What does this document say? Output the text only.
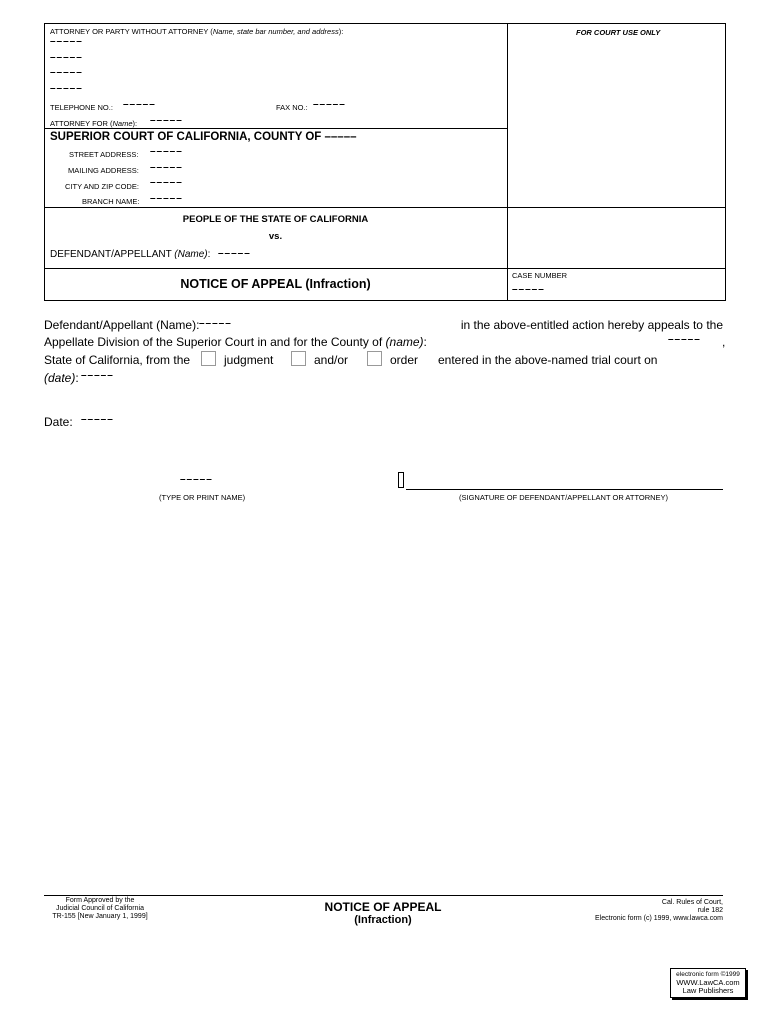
ATTORNEY OR PARTY WITHOUT ATTORNEY (Name, state bar number, and address):
–––––
–––––
–––––
–––––
TELEPHONE NO.: –––––	FAX NO.: –––––
ATTORNEY FOR (Name): –––––
FOR COURT USE ONLY
SUPERIOR COURT OF CALIFORNIA, COUNTY OF –––––
STREET ADDRESS: –––––
MAILING ADDRESS: –––––
CITY AND ZIP CODE: –––––
BRANCH NAME: –––––
PEOPLE OF THE STATE OF CALIFORNIA
vs.
DEFENDANT/APPELLANT (Name): –––––
NOTICE OF APPEAL (Infraction)
CASE NUMBER
–––––
Defendant/Appellant (Name): –––––	in the above-entitled action hereby appeals to the
Appellate Division of the Superior Court in and for the County of (name):	––––– ,
State of California, from the	judgment	and/or	order entered in the above-named trial court on
(date): –––––
Date: –––––
–––––
(TYPE OR PRINT NAME)	(SIGNATURE OF DEFENDANT/APPELLANT OR ATTORNEY)
Form Approved by the
Judicial Council of California
TR-155 [New January 1, 1999]
NOTICE OF APPEAL
(Infraction)
Cal. Rules of Court,
rule 182
Electronic form (c) 1999, www.lawca.com
electronic form ©1999
WWW.LawCA.com
Law Publishers
